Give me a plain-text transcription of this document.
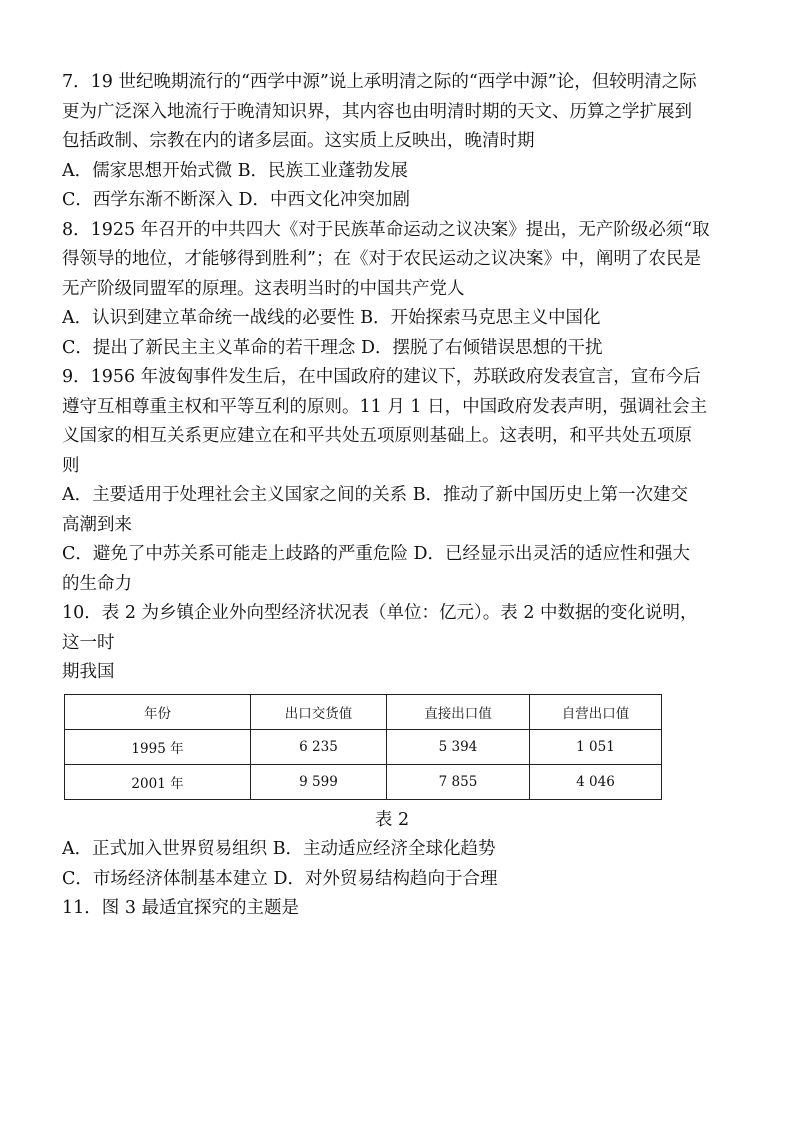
7．19 世纪晚期流行的“西学中源”说上承明清之际的“西学中源”论，但较明清之际

更为广泛深入地流行于晚清知识界，其内容也由明清时期的天文、历算之学扩展到

包括政制、宗教在内的诸多层面。这实质上反映出，晚清时期

A．儒家思想开始式微 B．民族工业蓬勃发展

C．西学东渐不断深入 D．中西文化冲突加剧

8．1925 年召开的中共四大《对于民族革命运动之议决案》提出，无产阶级必须“取

得领导的地位，才能够得到胜利”；在《对于农民运动之议决案》中，阐明了农民是

无产阶级同盟军的原理。这表明当时的中国共产党人

A．认识到建立革命统一战线的必要性 B．开始探索马克思主义中国化

C．提出了新民主主义革命的若干理念 D．摆脱了右倾错误思想的干扰

9．1956 年波匈事件发生后，在中国政府的建议下，苏联政府发表宣言，宣布今后

遵守互相尊重主权和平等互利的原则。11 月 1 日，中国政府发表声明，强调社会主

义国家的相互关系更应建立在和平共处五项原则基础上。这表明，和平共处五项原

则

A．主要适用于处理社会主义国家之间的关系 B．推动了新中国历史上第一次建交

高潮到来

C．避免了中苏关系可能走上歧路的严重危险 D．已经显示出灵活的适应性和强大

的生命力

10．表 2 为乡镇企业外向型经济状况表（单位：亿元）。表 2 中数据的变化说明，

这一时

期我国

年份	出口交货值	直接出口值	自营出口值
1995 年	6 235	5 394	1 051
2001 年	9 599	7 855	4 046

表 2

A．正式加入世界贸易组织 B．主动适应经济全球化趋势

C．市场经济体制基本建立 D．对外贸易结构趋向于合理

11．图 3 最适宜探究的主题是
